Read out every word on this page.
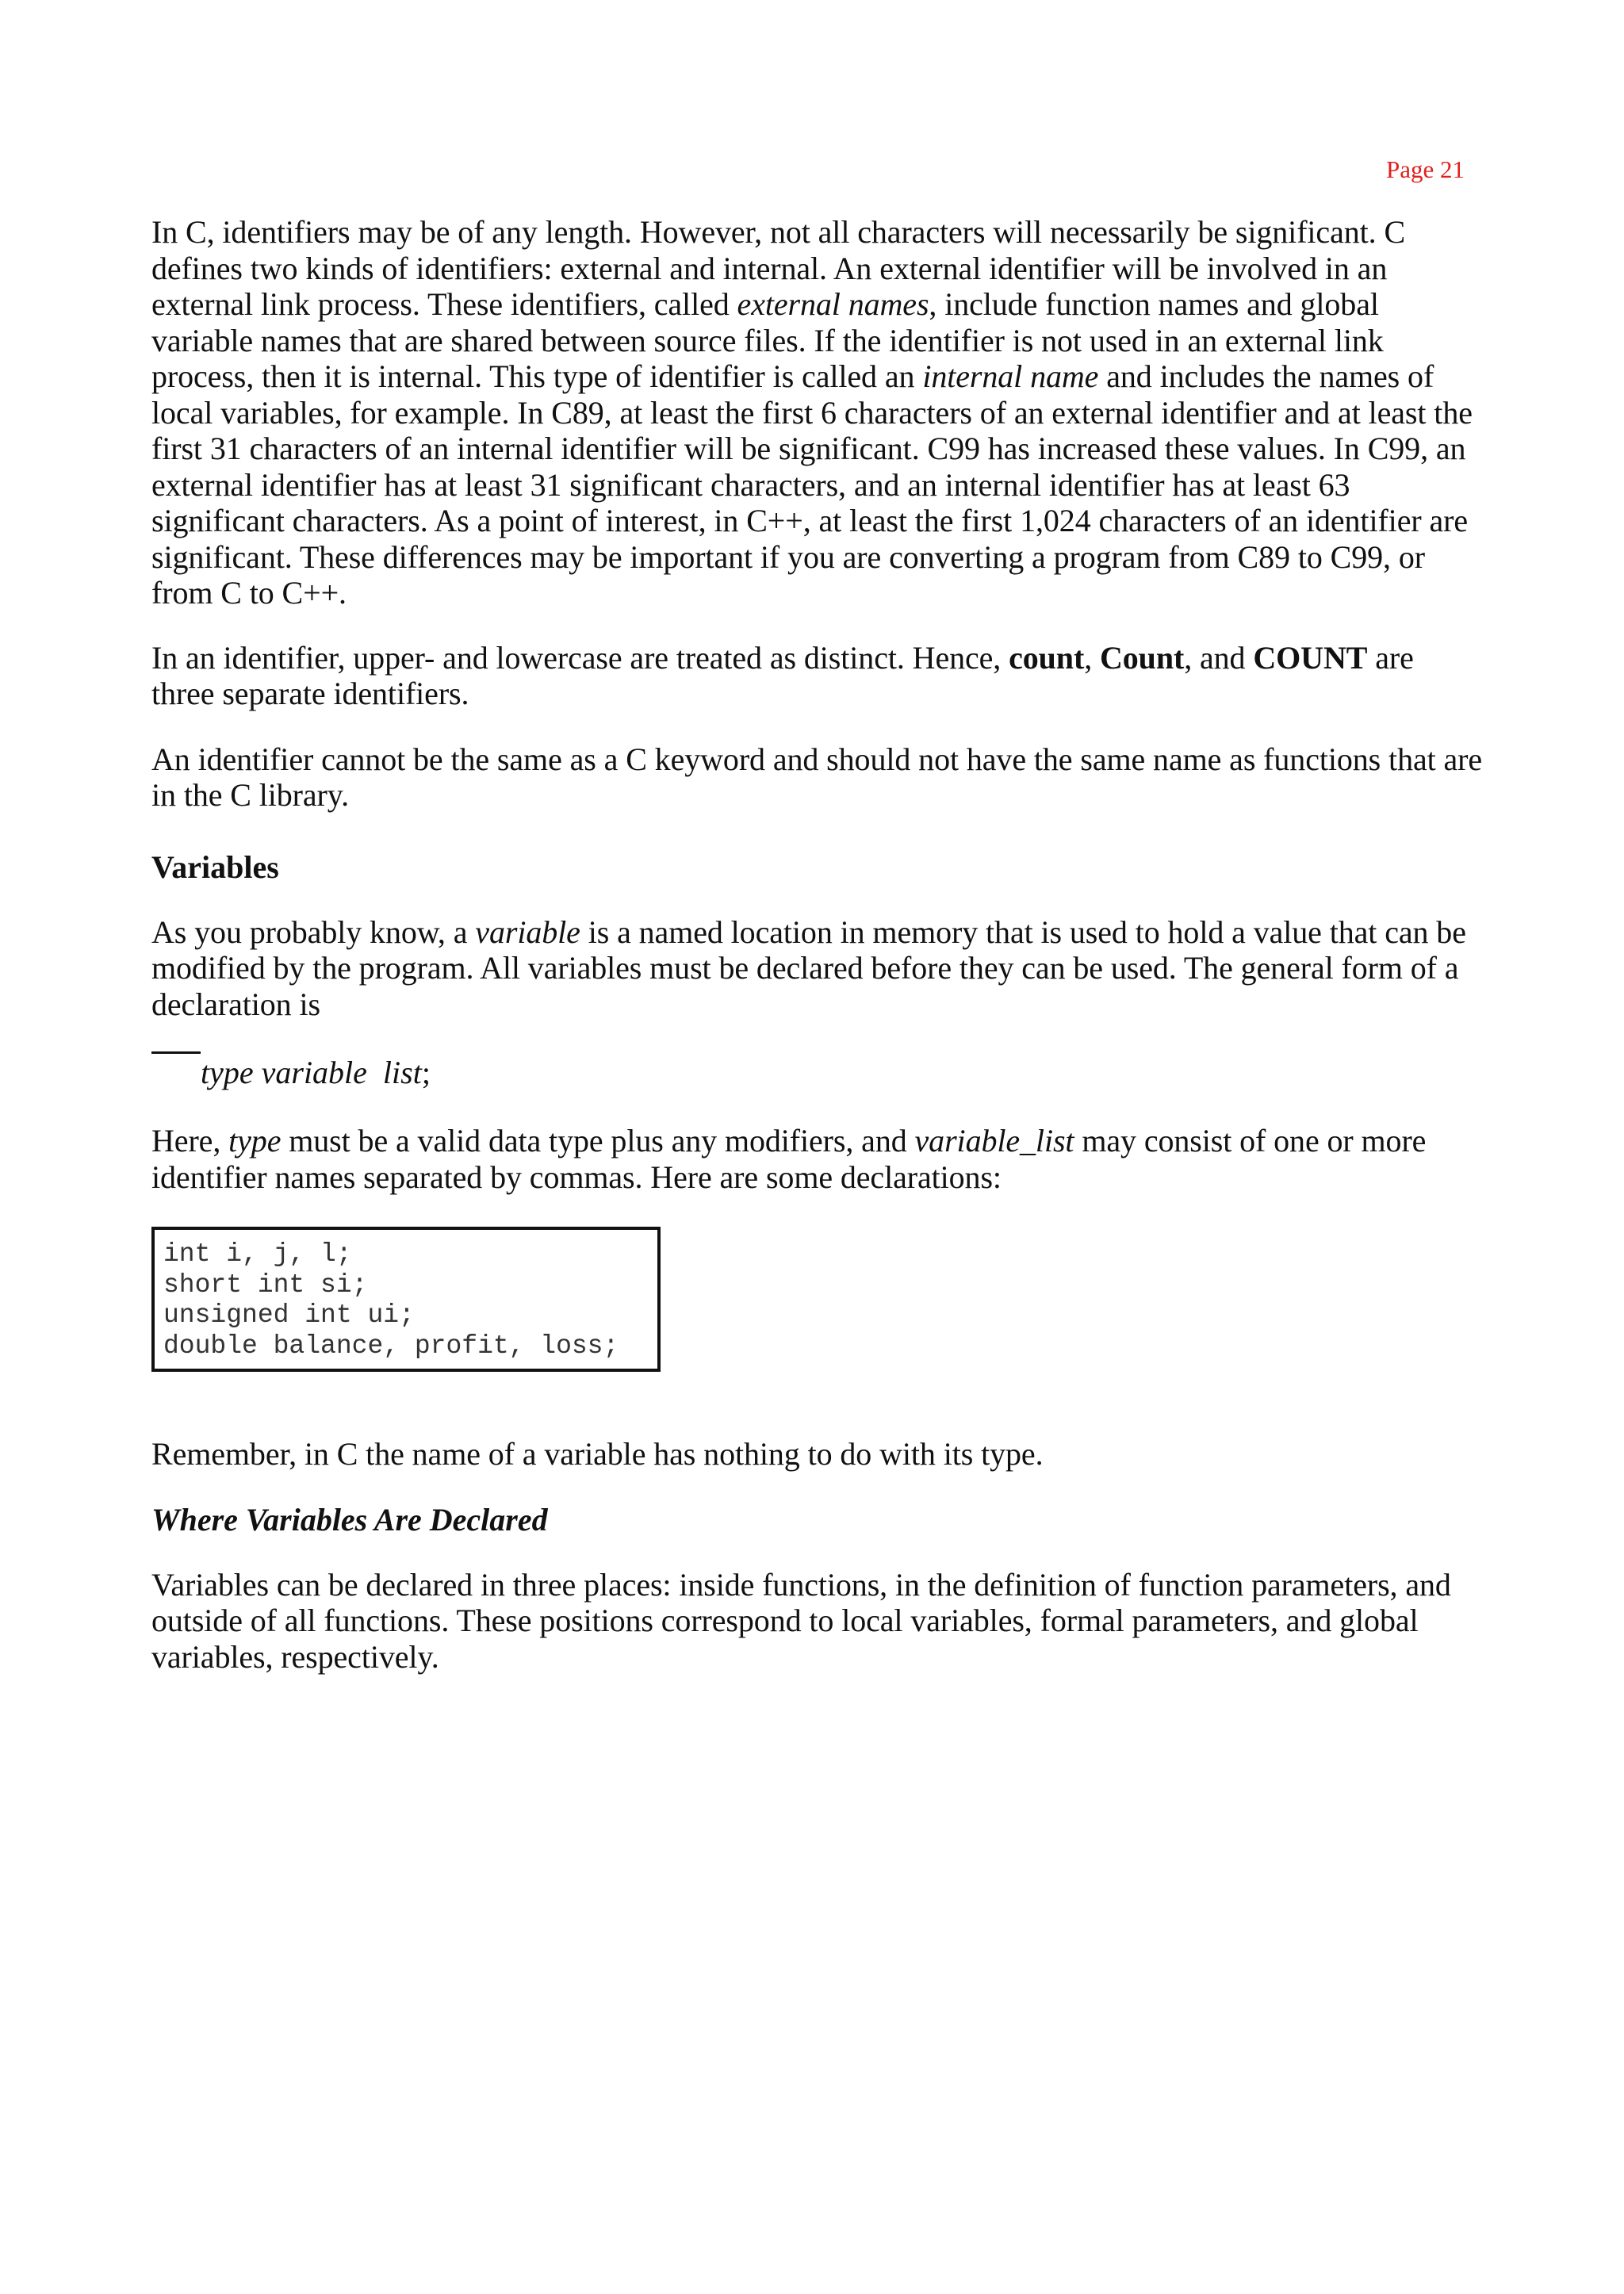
Page 21

In C, identifiers may be of any length. However, not all characters will necessarily be significant. C defines two kinds of identifiers: external and internal. An external identifier will be involved in an external link process. These identifiers, called external names, include function names and global variable names that are shared between source files. If the identifier is not used in an external link process, then it is internal. This type of identifier is called an internal name and includes the names of local variables, for example. In C89, at least the first 6 characters of an external identifier and at least the first 31 characters of an internal identifier will be significant. C99 has increased these values. In C99, an external identifier has at least 31 significant characters, and an internal identifier has at least 63 significant characters. As a point of interest, in C++, at least the first 1,024 characters of an identifier are significant. These differences may be important if you are converting a program from C89 to C99, or from C to C++.

In an identifier, upper- and lowercase are treated as distinct. Hence, count, Count, and COUNT are three separate identifiers.

An identifier cannot be the same as a C keyword and should not have the same name as functions that are in the C library.

Variables

As you probably know, a variable is a named location in memory that is used to hold a value that can be modified by the program. All variables must be declared before they can be used. The general form of a declaration is

type variable list;

Here, type must be a valid data type plus any modifiers, and variable_list may consist of one or more identifier names separated by commas. Here are some declarations:

int i, j, l;
short int si;
unsigned int ui;
double balance, profit, loss;

Remember, in C the name of a variable has nothing to do with its type.

Where Variables Are Declared

Variables can be declared in three places: inside functions, in the definition of function parameters, and outside of all functions. These positions correspond to local variables, formal parameters, and global variables, respectively.
